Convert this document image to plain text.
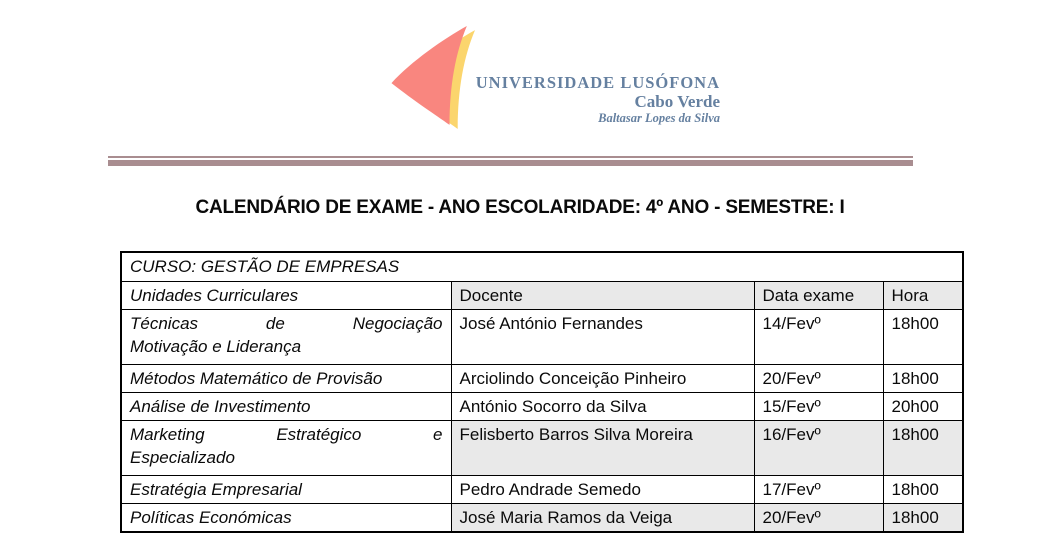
UNIVERSIDADE LUSÓFONA
Cabo Verde
Baltasar Lopes da Silva
CALENDÁRIO DE EXAME - ANO ESCOLARIDADE: 4º ANO - SEMESTRE: I
CURSO: GESTÃO DE EMPRESAS			
Unidades Curriculares	Docente	Data exame	Hora

Técnicas de Negociação
Motivação e Liderança	José António Fernandes	14/Fevº	18h00

Métodos Matemático de Provisão	Arciolindo Conceição Pinheiro	20/Fevº	18h00

Análise de Investimento	António Socorro da Silva	15/Fevº	20h00

Marketing Estratégico e
Especializado	Felisberto Barros Silva Moreira	16/Fevº	18h00

Estratégia Empresarial	Pedro Andrade Semedo	17/Fevº	18h00

Políticas Económicas	José Maria Ramos da Veiga	20/Fevº	18h00
